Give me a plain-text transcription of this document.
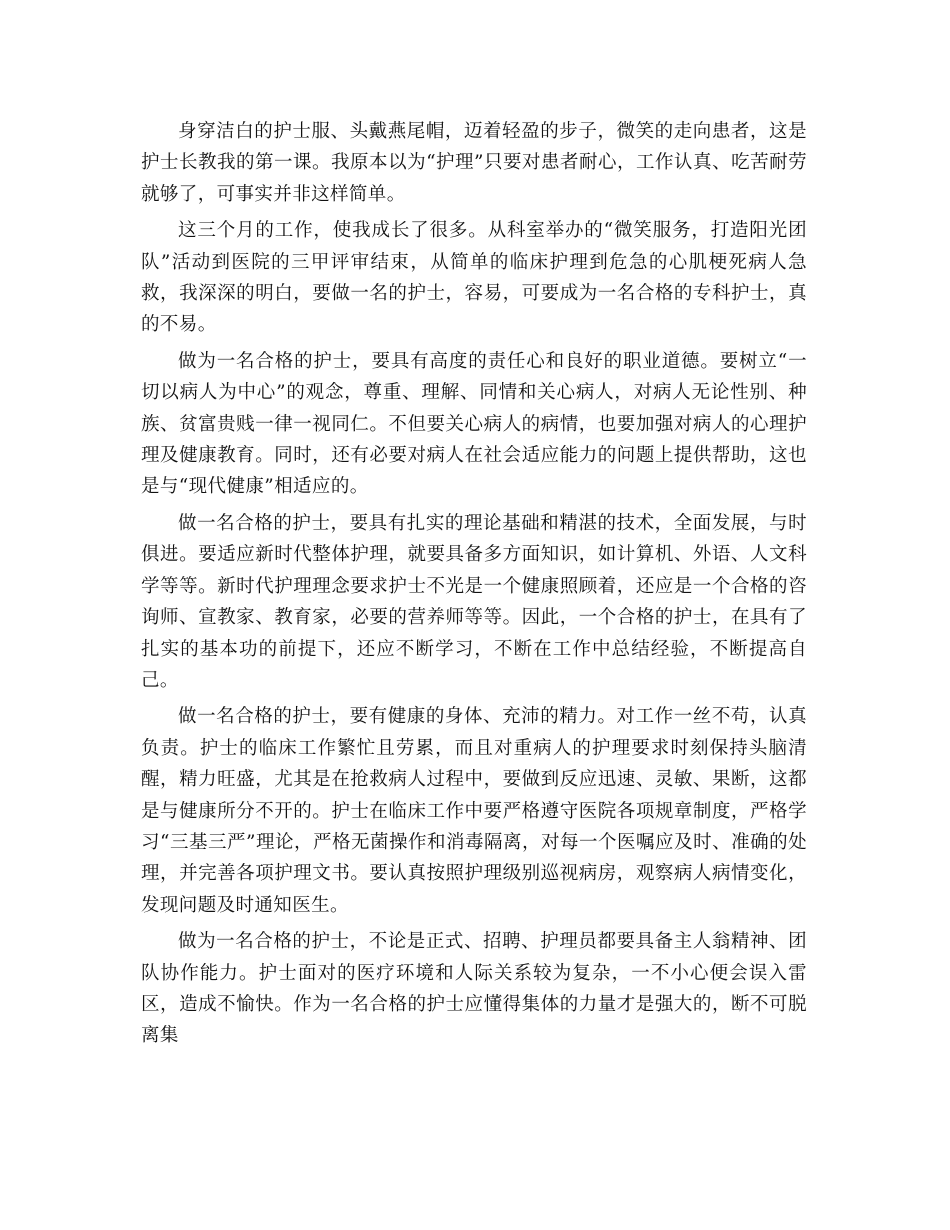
身穿洁白的护士服、头戴燕尾帽，迈着轻盈的步子，微笑的走向患者，这是护士长教我的第一课。我原本以为“护理”只要对患者耐心，工作认真、吃苦耐劳就够了，可事实并非这样简单。

这三个月的工作，使我成长了很多。从科室举办的“微笑服务，打造阳光团队”活动到医院的三甲评审结束，从简单的临床护理到危急的心肌梗死病人急救，我深深的明白，要做一名的护士，容易，可要成为一名合格的专科护士，真的不易。

做为一名合格的护士，要具有高度的责任心和良好的职业道德。要树立“一切以病人为中心”的观念，尊重、理解、同情和关心病人，对病人无论性别、种族、贫富贵贱一律一视同仁。不但要关心病人的病情，也要加强对病人的心理护理及健康教育。同时，还有必要对病人在社会适应能力的问题上提供帮助，这也是与“现代健康”相适应的。

做一名合格的护士，要具有扎实的理论基础和精湛的技术，全面发展，与时俱进。要适应新时代整体护理，就要具备多方面知识，如计算机、外语、人文科学等等。新时代护理理念要求护士不光是一个健康照顾着，还应是一个合格的咨询师、宣教家、教育家，必要的营养师等等。因此，一个合格的护士，在具有了扎实的基本功的前提下，还应不断学习，不断在工作中总结经验，不断提高自己。

做一名合格的护士，要有健康的身体、充沛的精力。对工作一丝不苟，认真负责。护士的临床工作繁忙且劳累，而且对重病人的护理要求时刻保持头脑清醒，精力旺盛，尤其是在抢救病人过程中，要做到反应迅速、灵敏、果断，这都是与健康所分不开的。护士在临床工作中要严格遵守医院各项规章制度，严格学习“三基三严”理论，严格无菌操作和消毒隔离，对每一个医嘱应及时、准确的处理，并完善各项护理文书。要认真按照护理级别巡视病房，观察病人病情变化，发现问题及时通知医生。

做为一名合格的护士，不论是正式、招聘、护理员都要具备主人翁精神、团队协作能力。护士面对的医疗环境和人际关系较为复杂，一不小心便会误入雷区，造成不愉快。作为一名合格的护士应懂得集体的力量才是强大的，断不可脱离集
